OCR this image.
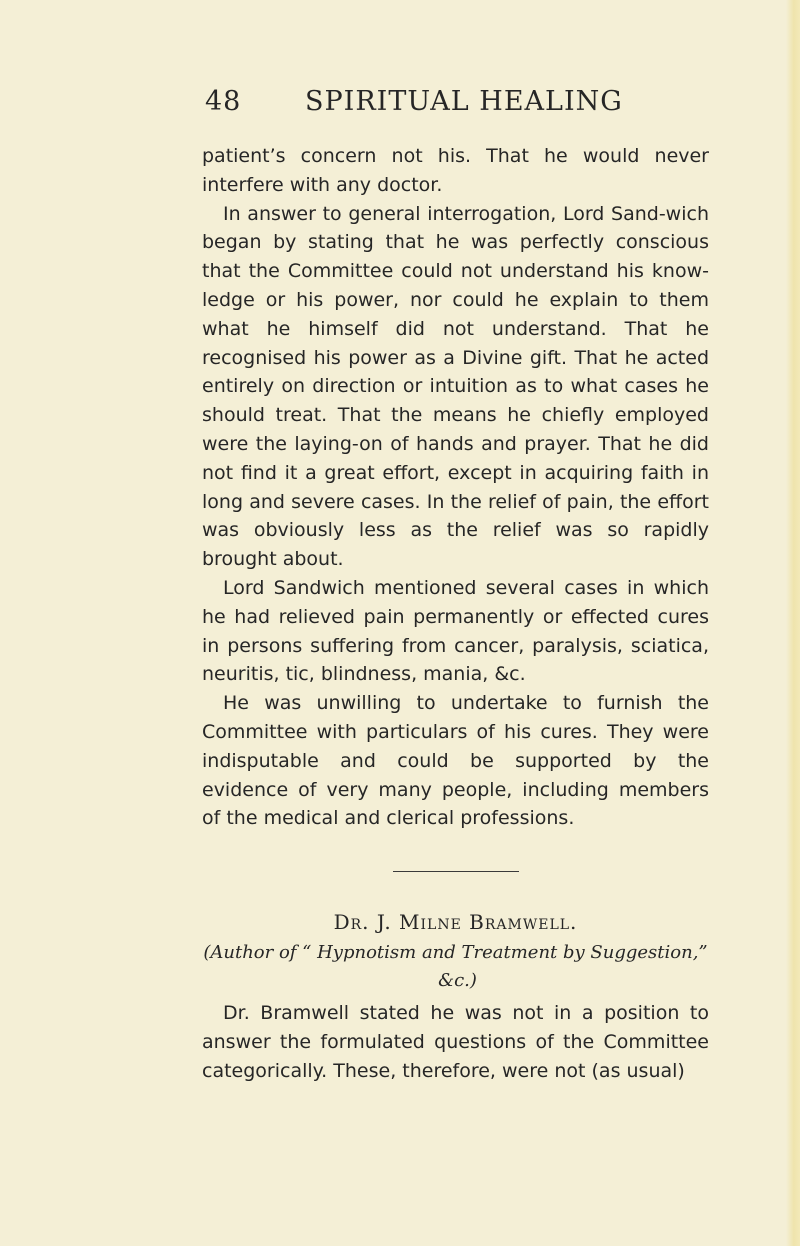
48 SPIRITUAL HEALING

patient’s concern not his. That he would never interfere with any doctor.

In answer to general interrogation, Lord Sand-wich began by stating that he was perfectly conscious that the Committee could not understand his know-ledge or his power, nor could he explain to them what he himself did not understand. That he recognised his power as a Divine gift. That he acted entirely on direction or intuition as to what cases he should treat. That the means he chiefly employed were the laying-on of hands and prayer. That he did not find it a great effort, except in acquiring faith in long and severe cases. In the relief of pain, the effort was obviously less as the relief was so rapidly brought about.

Lord Sandwich mentioned several cases in which he had relieved pain permanently or effected cures in persons suffering from cancer, paralysis, sciatica, neuritis, tic, blindness, mania, &c.

He was unwilling to undertake to furnish the Committee with particulars of his cures. They were indisputable and could be supported by the evidence of very many people, including members of the medical and clerical professions.

Dr. J. Milne Bramwell.

(Author of “ Hypnotism and Treatment by Suggestion,”
&c.)

Dr. Bramwell stated he was not in a position to answer the formulated questions of the Committee categorically. These, therefore, were not (as usual)
